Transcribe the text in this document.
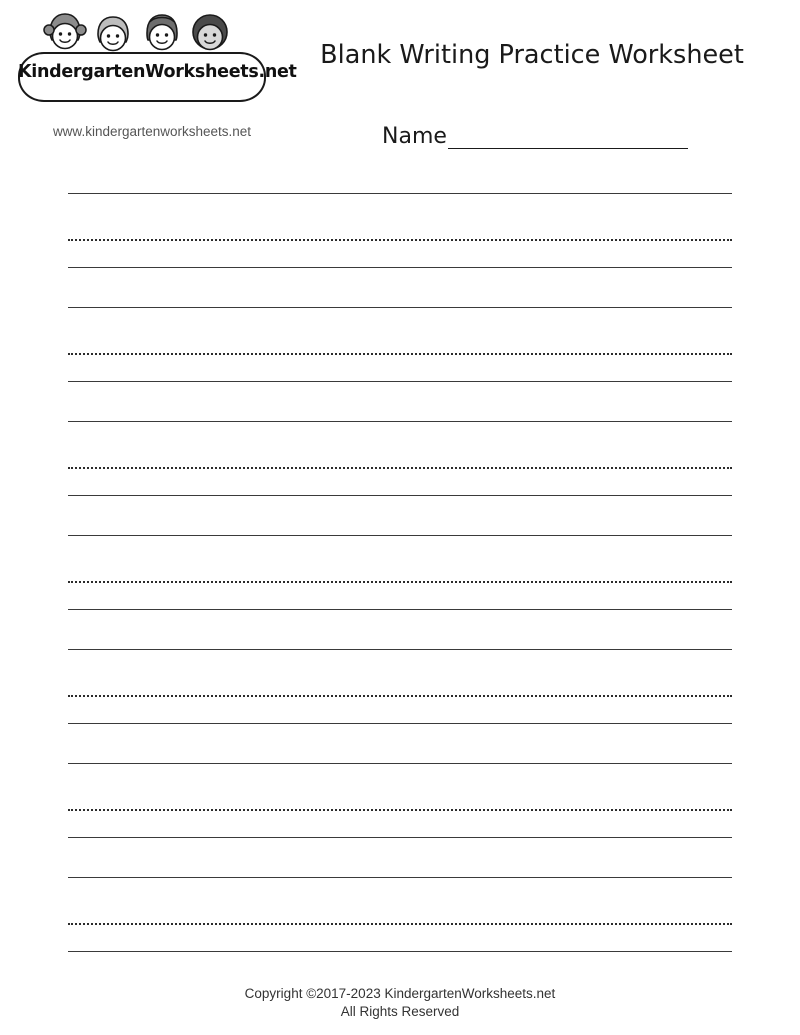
KindergartenWorksheets.net
www.kindergartenworksheets.net
Blank Writing Practice Worksheet
Name
Copyright ©2017-2023 KindergartenWorksheets.net
All Rights Reserved
